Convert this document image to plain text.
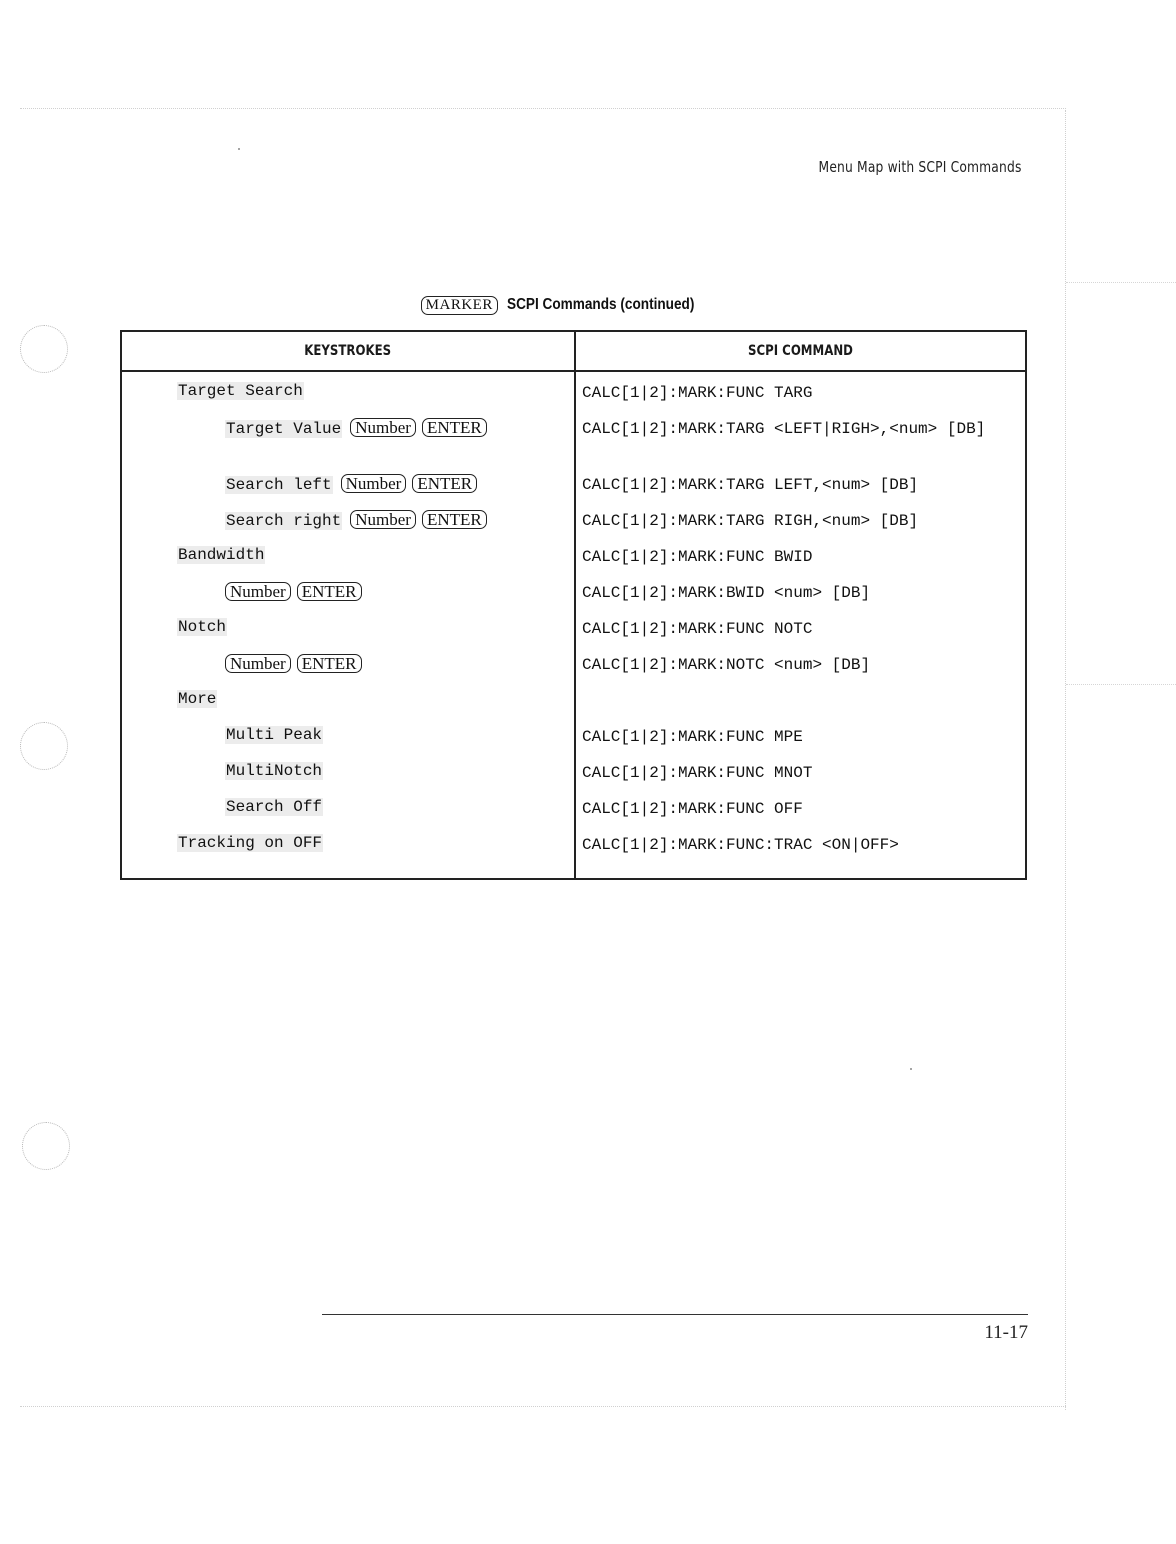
Menu Map with SCPI Commands
MARKER SCPI Commands (continued)
KEYSTROKES	SCPI COMMAND
Target Search	CALC[1|2]:MARK:FUNC TARG
Target Value Number ENTER	CALC[1|2]:MARK:TARG <LEFT|RIGH>,<num> [DB]
Search left Number ENTER	CALC[1|2]:MARK:TARG LEFT,<num> [DB]
Search right Number ENTER	CALC[1|2]:MARK:TARG RIGH,<num> [DB]
Bandwidth	CALC[1|2]:MARK:FUNC BWID
Number ENTER	CALC[1|2]:MARK:BWID <num> [DB]
Notch	CALC[1|2]:MARK:FUNC NOTC
Number ENTER	CALC[1|2]:MARK:NOTC <num> [DB]
More	
Multi Peak	CALC[1|2]:MARK:FUNC MPE
MultiNotch	CALC[1|2]:MARK:FUNC MNOT
Search Off	CALC[1|2]:MARK:FUNC OFF
Tracking on OFF	CALC[1|2]:MARK:FUNC:TRAC <ON|OFF>
11-17
